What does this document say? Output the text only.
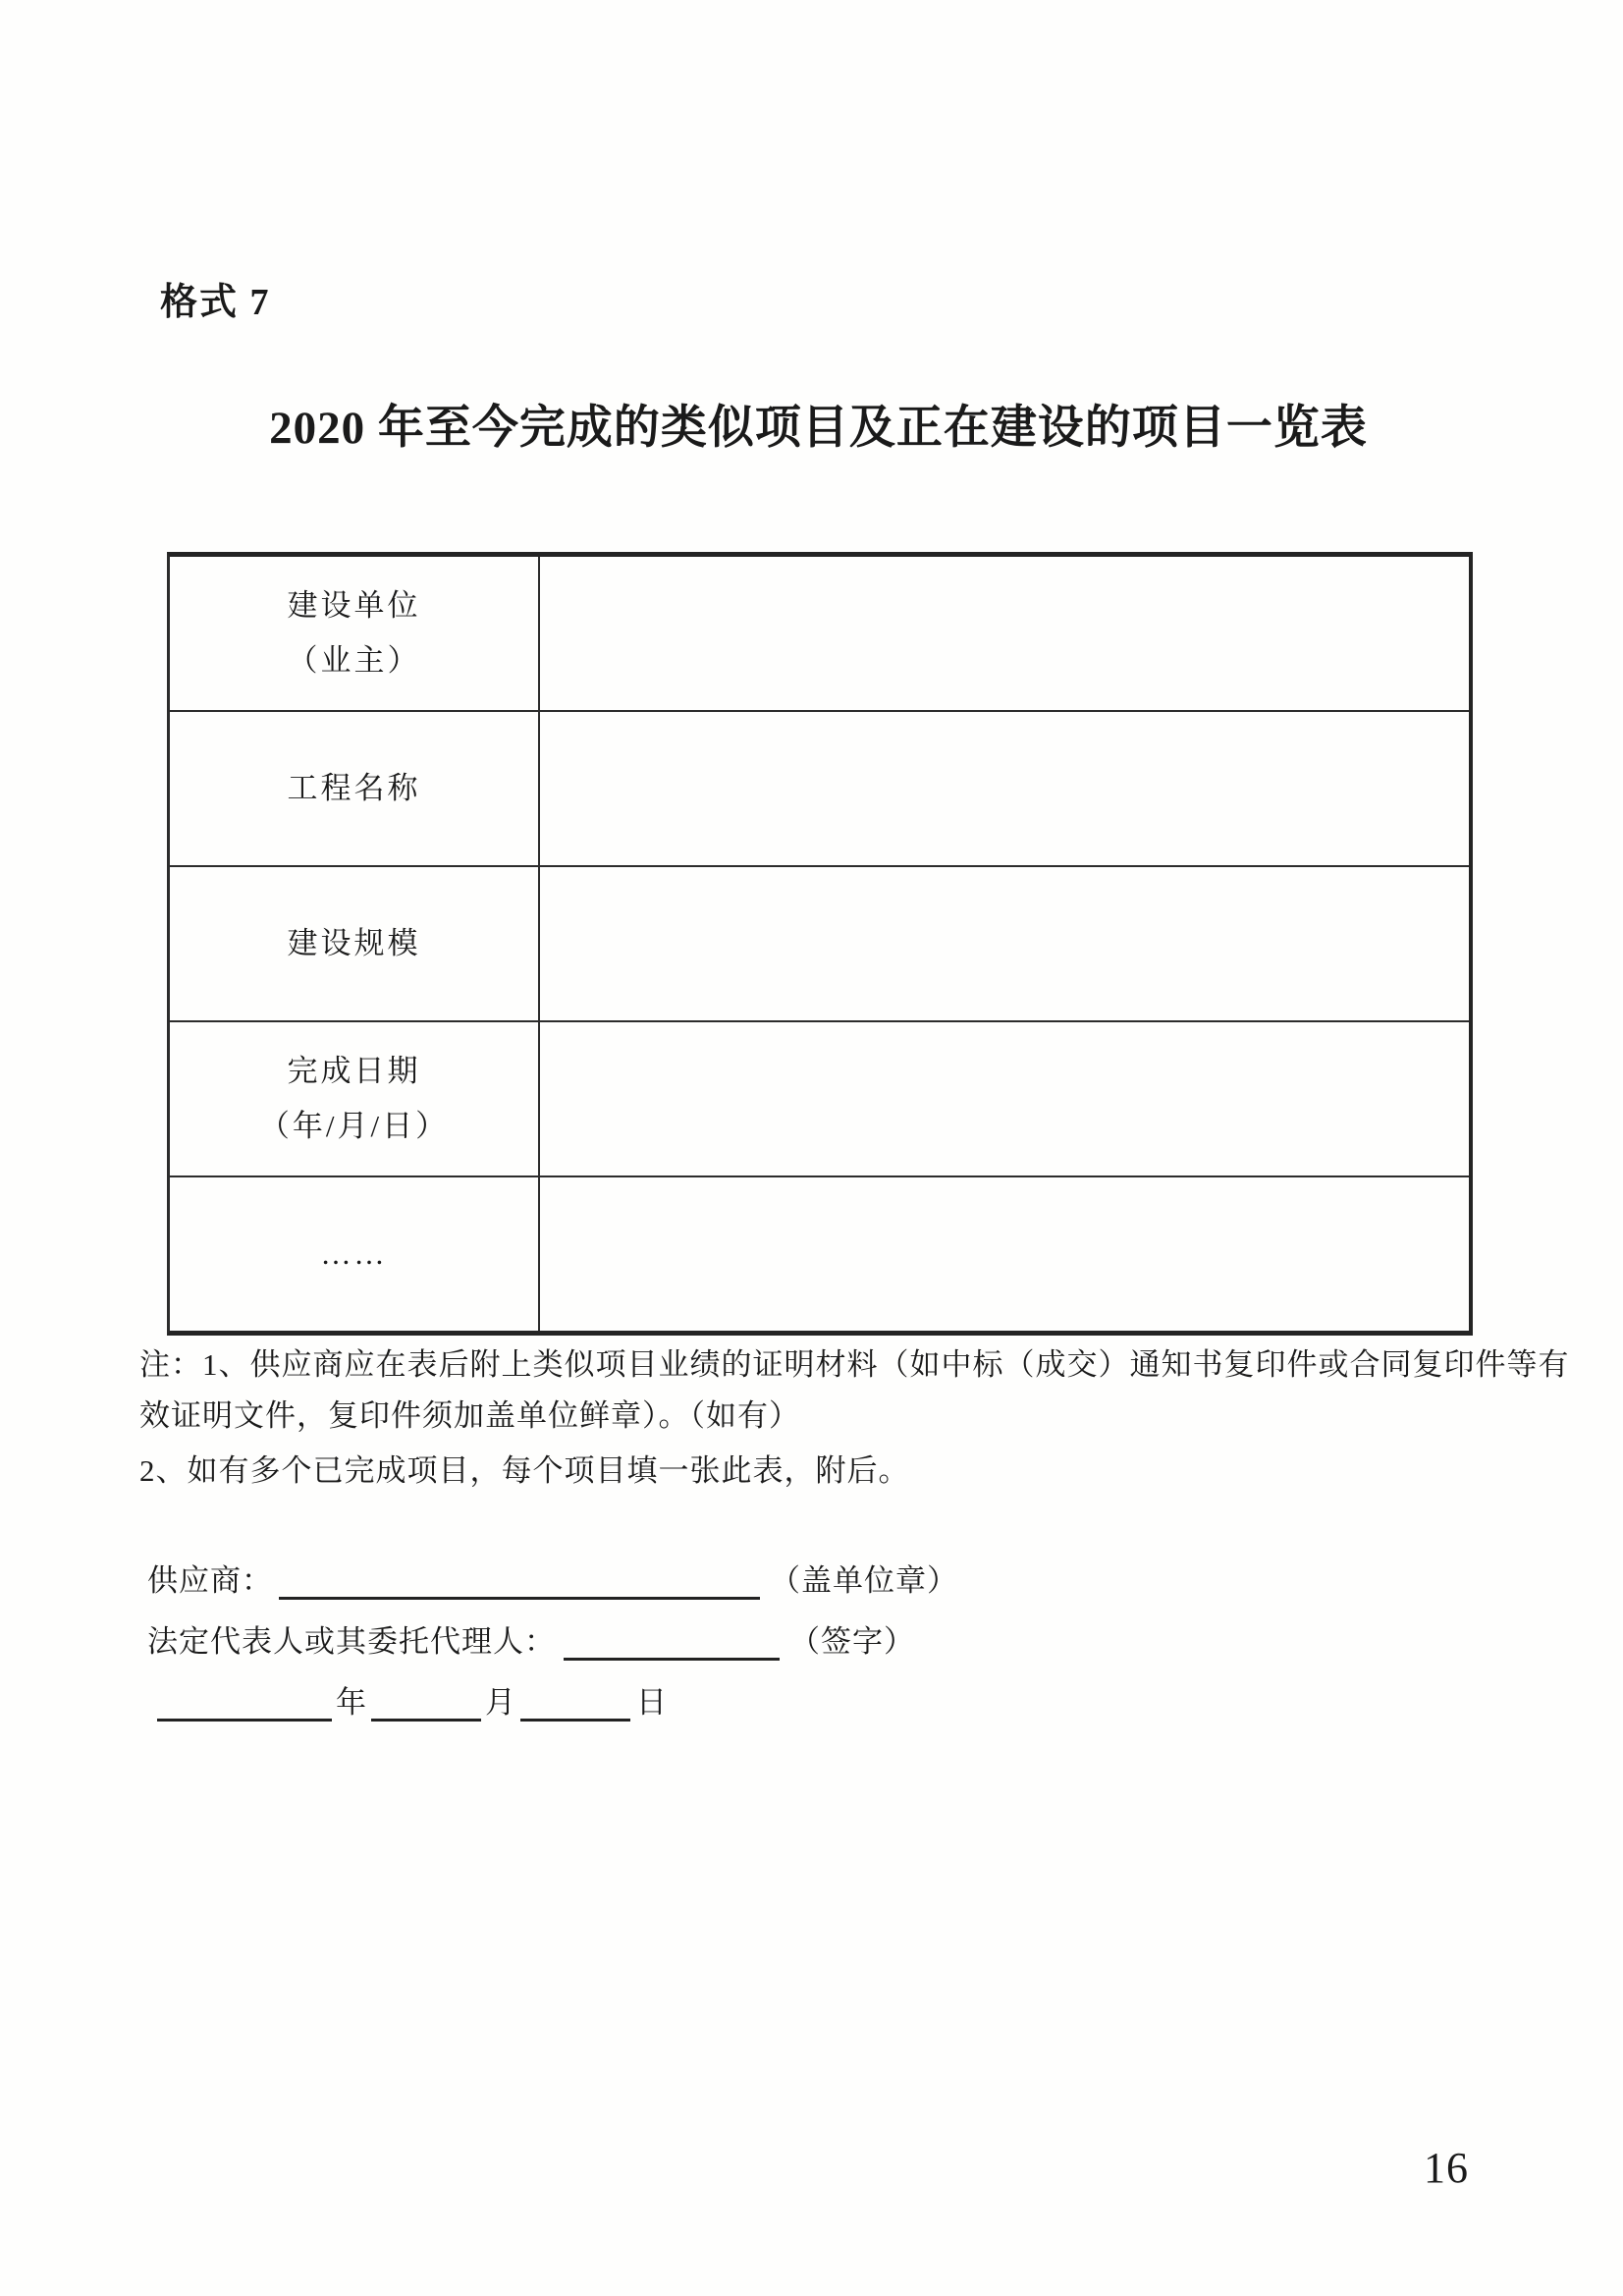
格式 7
2020 年至今完成的类似项目及正在建设的项目一览表
建设单位
（业主）
工程名称
建设规模
完成日期
（年/月/日）
……
注：1、供应商应在表后附上类似项目业绩的证明材料（如中标（成交）通知书复印件或合同复印件等有
效证明文件，复印件须加盖单位鲜章）。（如有）
2、如有多个已完成项目，每个项目填一张此表，附后。
供应商：	（盖单位章）
法定代表人或其委托代理人：	（签字）
年	月	日
16
